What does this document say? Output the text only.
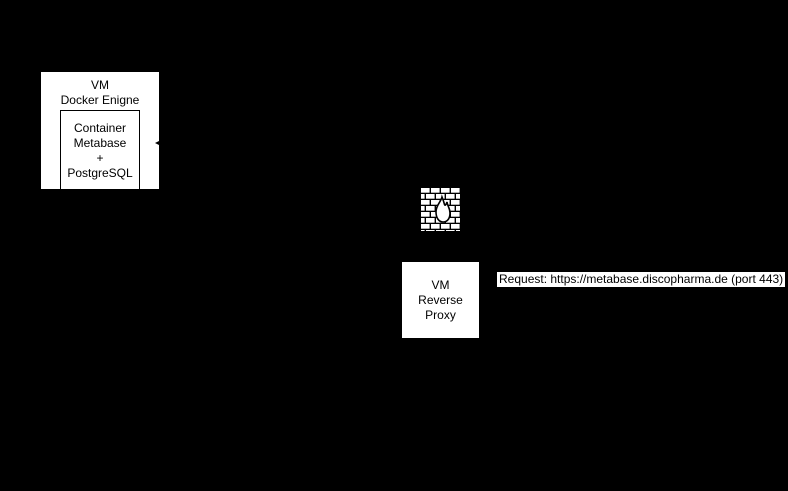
VM
Docker Enigne
Container
Metabase
+
PostgreSQL
VM
Reverse
Proxy
Request: https://metabase.discopharma.de (port 443)
